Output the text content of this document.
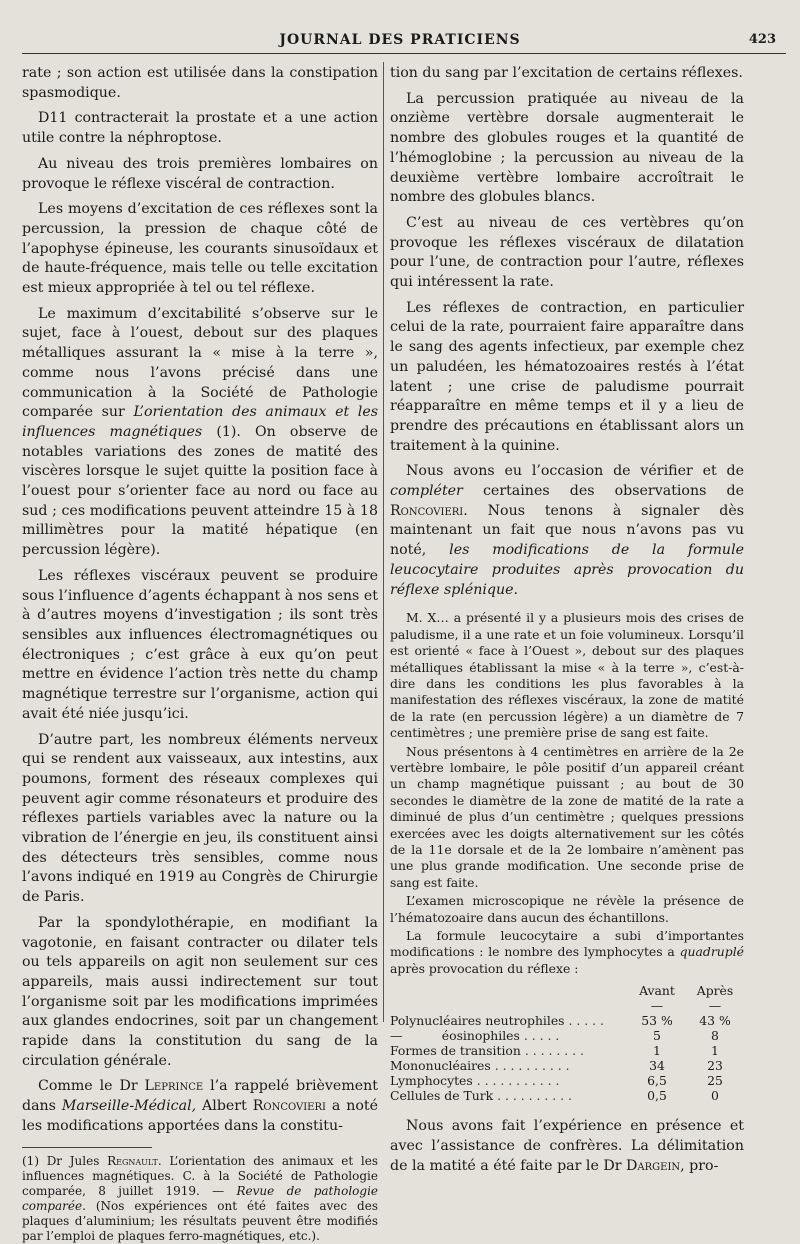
JOURNAL DES PRATICIENS	423

rate ; son action est utilisée dans la constipation spasmodique.

D11 contracterait la prostate et a une action utile contre la néphroptose.

Au niveau des trois premières lombaires on provoque le réflexe viscéral de contraction.

Les moyens d’excitation de ces réflexes sont la percussion, la pression de chaque côté de l’apophyse épineuse, les courants sinusoïdaux et de haute-fréquence, mais telle ou telle excitation est mieux appropriée à tel ou tel réflexe.

Le maximum d’excitabilité s’observe sur le sujet, face à l’ouest, debout sur des plaques métalliques assurant la « mise à la terre », comme nous l’avons précisé dans une communication à la Société de Pathologie comparée sur L’orientation des animaux et les influences magnétiques (1). On observe de notables variations des zones de matité des viscères lorsque le sujet quitte la position face à l’ouest pour s’orienter face au nord ou face au sud ; ces modifications peuvent atteindre 15 à 18 millimètres pour la matité hépatique (en percussion légère).

Les réflexes viscéraux peuvent se produire sous l’influence d’agents échappant à nos sens et à d’autres moyens d’investigation ; ils sont très sensibles aux influences électromagnétiques ou électroniques ; c’est grâce à eux qu’on peut mettre en évidence l’action très nette du champ magnétique terrestre sur l’organisme, action qui avait été niée jusqu’ici.

D’autre part, les nombreux éléments nerveux qui se rendent aux vaisseaux, aux intestins, aux poumons, forment des réseaux complexes qui peuvent agir comme résonateurs et produire des réflexes partiels variables avec la nature ou la vibration de l’énergie en jeu, ils constituent ainsi des détecteurs très sensibles, comme nous l’avons indiqué en 1919 au Congrès de Chirurgie de Paris.

Par la spondylothérapie, en modifiant la vagotonie, en faisant contracter ou dilater tels ou tels appareils on agit non seulement sur ces appareils, mais aussi indirectement sur tout l’organisme soit par les modifications imprimées aux glandes endocrines, soit par un changement rapide dans la constitution du sang de la circulation générale.

Comme le Dr Leprince l’a rappelé brièvement dans Marseille-Médical, Albert Roncovieri a noté les modifications apportées dans la constitu-

(1) Dr Jules Regnault. L’orientation des animaux et les influences magnétiques. C. à la Société de Pathologie comparée, 8 juillet 1919. — Revue de pathologie comparée. (Nos expériences ont été faites avec des plaques d’aluminium; les résultats peuvent être modifiés par l’emploi de plaques ferro-magnétiques, etc.).

tion du sang par l’excitation de certains réflexes.

La percussion pratiquée au niveau de la onzième vertèbre dorsale augmenterait le nombre des globules rouges et la quantité de l’hémoglobine ; la percussion au niveau de la deuxième vertèbre lombaire accroîtrait le nombre des globules blancs.

C’est au niveau de ces vertèbres qu’on provoque les réflexes viscéraux de dilatation pour l’une, de contraction pour l’autre, réflexes qui intéressent la rate.

Les réflexes de contraction, en particulier celui de la rate, pourraient faire apparaître dans le sang des agents infectieux, par exemple chez un paludéen, les hématozoaires restés à l’état latent ; une crise de paludisme pourrait réapparaître en même temps et il y a lieu de prendre des précautions en établissant alors un traitement à la quinine.

Nous avons eu l’occasion de vérifier et de compléter certaines des observations de Roncovieri. Nous tenons à signaler dès maintenant un fait que nous n’avons pas vu noté, les modifications de la formule leucocytaire produites après provocation du réflexe splénique.

M. X… a présenté il y a plusieurs mois des crises de paludisme, il a une rate et un foie volumineux. Lorsqu’il est orienté « face à l’Ouest », debout sur des plaques métalliques établissant la mise « à la terre », c’est-à-dire dans les conditions les plus favorables à la manifestation des réflexes viscéraux, la zone de matité de la rate (en percussion légère) a un diamètre de 7 centimètres ; une première prise de sang est faite.

Nous présentons à 4 centimètres en arrière de la 2e vertèbre lombaire, le pôle positif d’un appareil créant un champ magnétique puissant ; au bout de 30 secondes le diamètre de la zone de matité de la rate a diminué de plus d’un centimètre ; quelques pressions exercées avec les doigts alternativement sur les côtés de la 11e dorsale et de la 2e lombaire n’amènent pas une plus grande modification. Une seconde prise de sang est faite.

L’examen microscopique ne révèle la présence de l’hématozoaire dans aucun des échantillons.

La formule leucocytaire a subi d’importantes modifications : le nombre des lymphocytes a quadruplé après provocation du réflexe :

	Avant	Après
	—	—
Polynucléaires neutrophiles . . . . .	53 %	43 %
—          éosinophiles . . . . .	5	8
Formes de transition . . . . . . . .	1	1
Mononucléaires . . . . . . . . . .	34	23
Lymphocytes . . . . . . . . . . .	6,5	25
Cellules de Turk . . . . . . . . . .	0,5	0

Nous avons fait l’expérience en présence et avec l’assistance de confrères. La délimitation de la matité a été faite par le Dr Dargein, pro-
